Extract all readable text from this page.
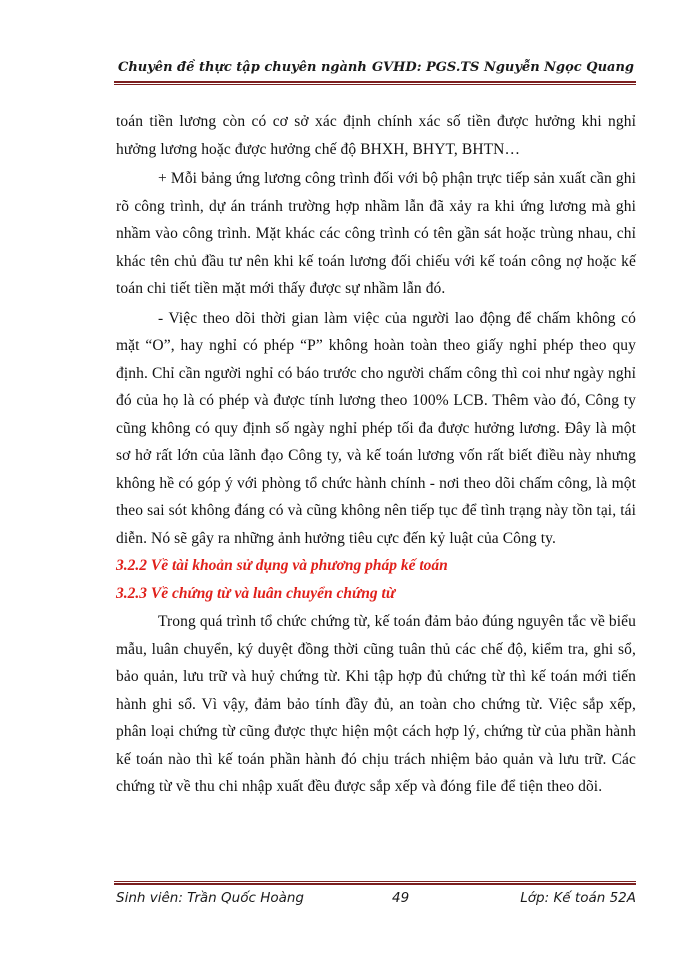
Chuyên đề thực tập chuyên ngành GVHD: PGS.TS Nguyễn Ngọc Quang

toán tiền lương còn có cơ sở xác định chính xác số tiền được hưởng khi nghỉ hưởng lương hoặc được hưởng chế độ BHXH, BHYT, BHTN…

+ Mỗi bảng ứng lương công trình đối với bộ phận trực tiếp sản xuất cần ghi rõ công trình, dự án tránh trường hợp nhầm lẫn đã xảy ra khi ứng lương mà ghi nhầm vào công trình. Mặt khác các công trình có tên gần sát hoặc trùng nhau, chỉ khác tên chủ đầu tư nên khi kế toán lương đối chiếu với kế toán công nợ hoặc kế toán chi tiết tiền mặt mới thấy được sự nhầm lẫn đó.

- Việc theo dõi thời gian làm việc của người lao động để chấm không có mặt “O”, hay nghỉ có phép “P” không hoàn toàn theo giấy nghỉ phép theo quy định. Chỉ cần người nghỉ có báo trước cho người chấm công thì coi như ngày nghỉ đó của họ là có phép và được tính lương theo 100% LCB. Thêm vào đó, Công ty cũng không có quy định số ngày nghỉ phép tối đa được hưởng lương. Đây là một sơ hở rất lớn của lãnh đạo Công ty, và kế toán lương vốn rất biết điều này nhưng không hề có góp ý với phòng tổ chức hành chính - nơi theo dõi chấm công, là một theo sai sót không đáng có và cũng không nên tiếp tục để tình trạng này tồn tại, tái diễn. Nó sẽ gây ra những ảnh hưởng tiêu cực đến kỷ luật của Công ty.

3.2.2 Về tài khoản sử dụng và phương pháp kế toán

3.2.3 Về chứng từ và luân chuyển chứng từ

Trong quá trình tổ chức chứng từ, kế toán đảm bảo đúng nguyên tắc về biểu mẫu, luân chuyển, ký duyệt đồng thời cũng tuân thủ các chế độ, kiểm tra, ghi sổ, bảo quản, lưu trữ và huỷ chứng từ. Khi tập hợp đủ chứng từ thì kế toán mới tiến hành ghi sổ. Vì vậy, đảm bảo tính đầy đủ, an toàn cho chứng từ. Việc sắp xếp, phân loại chứng từ cũng được thực hiện một cách hợp lý, chứng từ của phần hành kế toán nào thì kế toán phần hành đó chịu trách nhiệm bảo quản và lưu trữ. Các chứng từ về thu chi nhập xuất đều được sắp xếp và đóng file để tiện theo dõi.

Sinh viên: Trần Quốc Hoàng	49	Lớp: Kế toán 52A
